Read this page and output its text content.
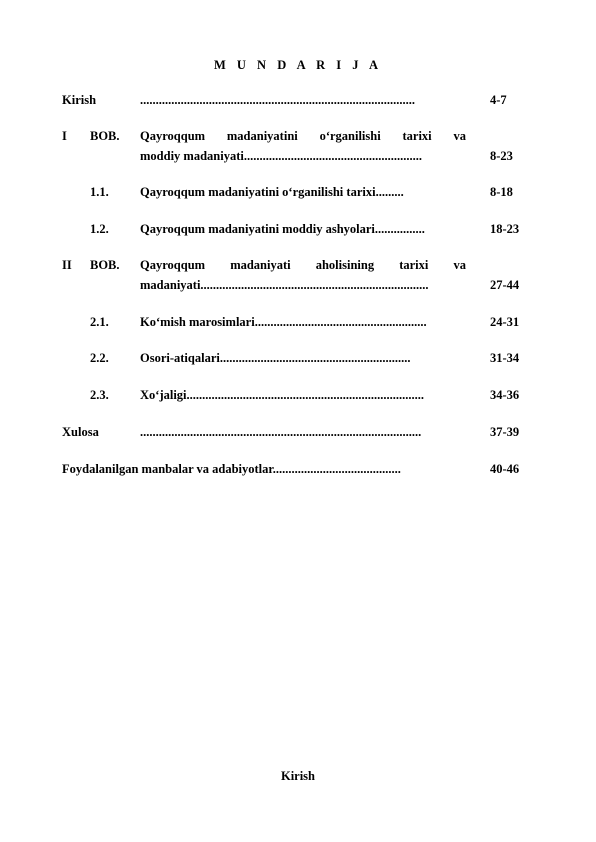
M U N D A R I J A
Kirish	........................................................................................	4-7
I BOB. Qayroqqum madaniyatini o‘rganilishi tarixi va
moddiy madaniyati.........................................................	8-23
1.1.	Qayroqqum madaniyatini o‘rganilishi tarixi.........	8-18
1.2.	Qayroqqum madaniyatini moddiy ashyolari................	18-23
II BOB. Qayroqqum madaniyati aholisining tarixi va
madaniyati.........................................................................	27-44
2.1.	Ko‘mish marosimlari.......................................................	24-31
2.2.	Osori-atiqalari.............................................................	31-34
2.3.	Xo‘jaligi............................................................................	34-36
Xulosa	..........................................................................................	37-39
Foydalanilgan manbalar va adabiyotlar.........................................	40-46
Kirish
